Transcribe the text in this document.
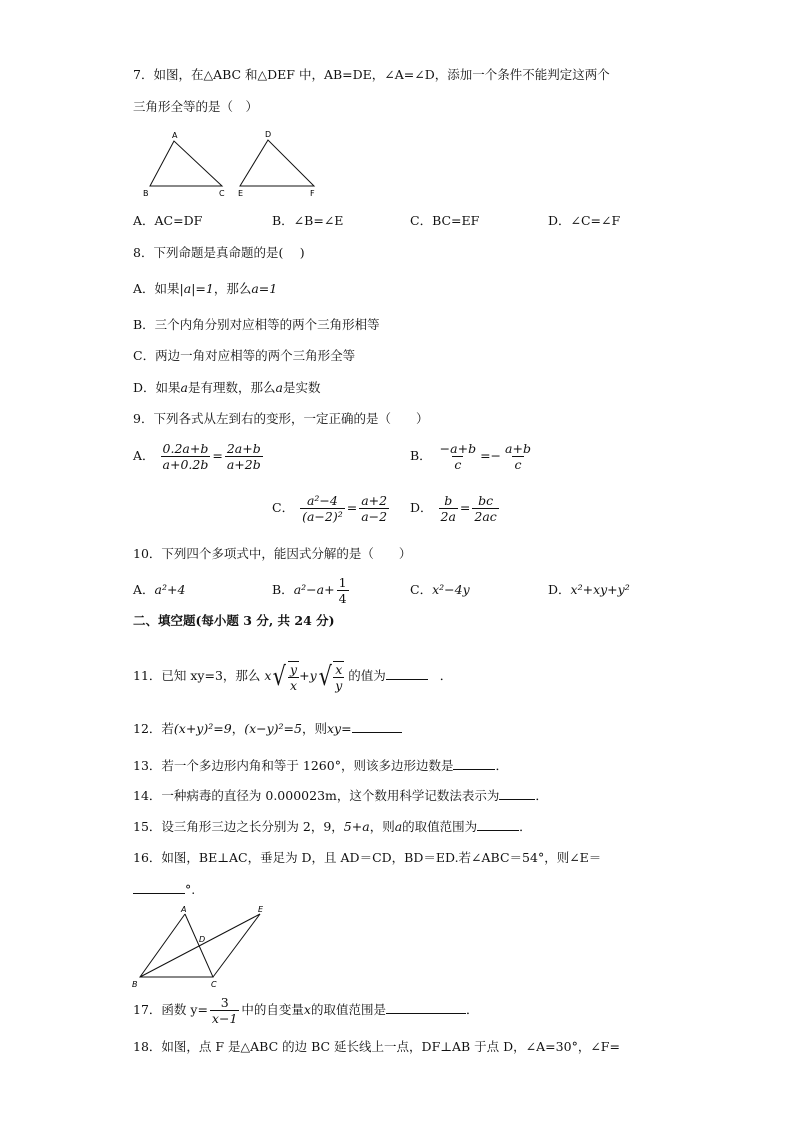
7．如图，在△ABC 和△DEF 中，AB=DE，∠A=∠D，添加一个条件不能判定这两个
三角形全等的是（　）
A
B	C
D
E	F
A．AC=DF	B．∠B=∠E	C．BC=EF	D．∠C=∠F
8．下列命题是真命题的是(　 )
A．如果|a|=1，那么a=1
B．三个内角分别对应相等的两个三角形相等
C．两边一角对应相等的两个三角形全等
D．如果a是有理数，那么a是实数
9．下列各式从左到右的变形，一定正确的是（　　）
A． $\frac{0.2a+b}{a+0.2b} = \frac{2a+b}{a+2b}$	B． $\frac{-a+b}{c} =- \frac{a+b}{c}$
C． $\frac{\text{a²−4}}{\text{(a−2)²}} = \frac{a+2}{a-2}$ D． $\frac{b}{2a} = \frac{bc}{2ac}$
10．下列四个多项式中，能因式分解的是（　　）
A．a²+4	B．$a^2-a+ \frac{1}{4}$	C．x²−4y	D．x²+xy+y²
二、填空题(每小题 3 分, 共 24 分)
11．已知 xy=3，那么 x √ $\frac{y}{x} +y$ √ $\frac{x}{y}$ 的值为	．
12．若(x+y)²=9，(x−y)²=5，则xy=
13．若一个多边形内角和等于 1260°，则该多边形边数是	．
14．一种病毒的直径为 0.000023m，这个数用科学记数法表示为	．
15．设三角形三边之长分别为 2，9，5+a，则a的取值范围为	．
16．如图，BE⊥AC，垂足为 D，且 AD＝CD，BD＝ED.若∠ABC＝54°，则∠E＝
°.
A
B	C
D
E
17．函数 $y= \frac{3}{x-1}$ 中的自变量x的取值范围是	．
18．如图，点 F 是△ABC 的边 BC 延长线上一点，DF⊥AB 于点 D，∠A=30°，∠F=
